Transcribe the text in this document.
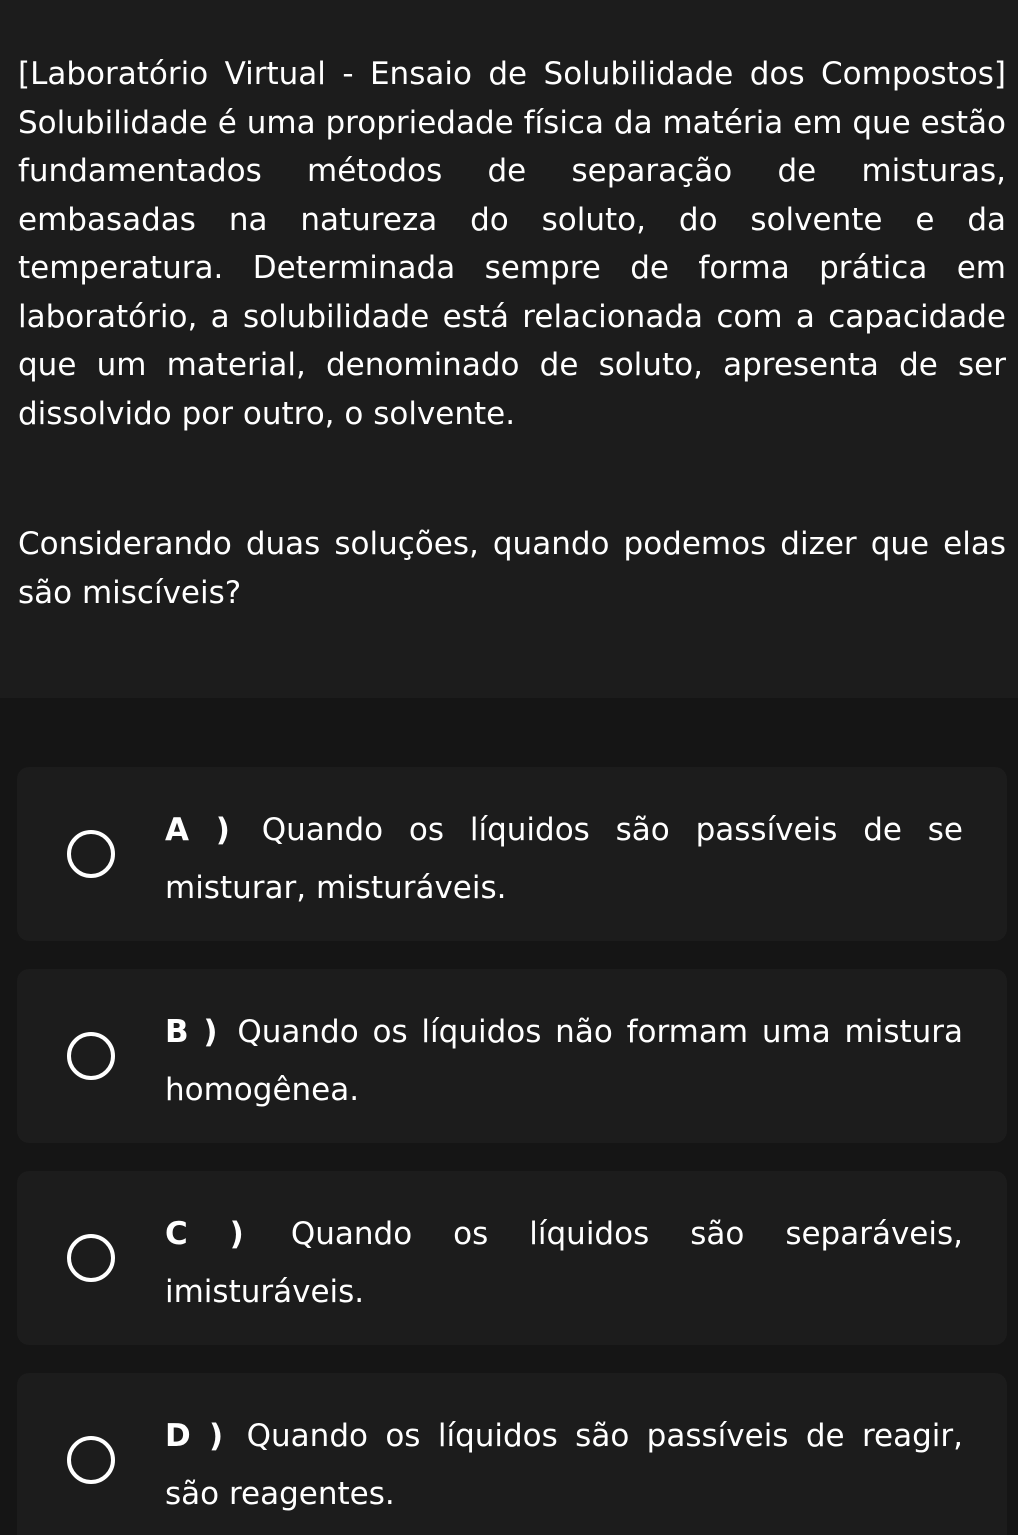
[Laboratório Virtual - Ensaio de Solubilidade dos Compostos] Solubilidade é uma propriedade física da matéria em que estão fundamentados métodos de separação de misturas, embasadas na natureza do soluto, do solvente e da temperatura. Determinada sempre de forma prática em laboratório, a solubilidade está relacionada com a capacidade que um material, denominado de soluto, apresenta de ser dissolvido por outro, o solvente.

Considerando duas soluções, quando podemos dizer que elas são miscíveis?

A ) Quando os líquidos são passíveis de se misturar, misturáveis.

B ) Quando os líquidos não formam uma mistura homogênea.

C ) Quando os líquidos são separáveis, imisturáveis.

D ) Quando os líquidos são passíveis de reagir, são reagentes.
